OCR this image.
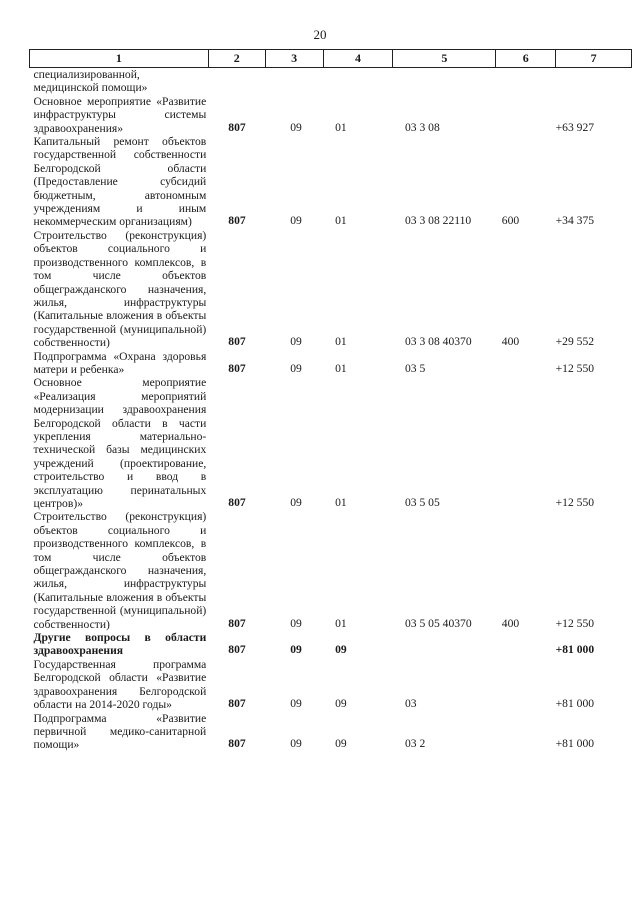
20
1	2	3	4	5	6	7
специализированной, медицинской помощи»						
Основное мероприятие «Развитие инфраструктуры системы здравоохранения»	807	09	01	03 3 08		+63 927
Капитальный ремонт объектов государственной собственности Белгородской области (Предоставление субсидий бюджетным, автономным учреждениям и иным некоммерческим организациям)	807	09	01	03 3 08 22110	600	+34 375
Строительство (реконструкция) объектов социального и производственного комплексов, в том числе объектов общегражданского назначения, жилья, инфраструктуры (Капитальные вложения в объекты государственной (муниципальной) собственности)	807	09	01	03 3 08 40370	400	+29 552
Подпрограмма «Охрана здоровья матери и ребенка»	807	09	01	03 5		+12 550
Основное мероприятие «Реализация мероприятий модернизации здравоохранения Белгородской области в части укрепления материально-технической базы медицинских учреждений (проектирование, строительство и ввод в эксплуатацию перинатальных центров)»	807	09	01	03 5 05		+12 550
Строительство (реконструкция) объектов социального и производственного комплексов, в том числе объектов общегражданского назначения, жилья, инфраструктуры (Капитальные вложения в объекты государственной (муниципальной) собственности)	807	09	01	03 5 05 40370	400	+12 550
Другие вопросы в области здравоохранения	807	09	09			+81 000
Государственная программа Белгородской области «Развитие здравоохранения Белгородской области на 2014-2020 годы»	807	09	09	03		+81 000
Подпрограмма «Развитие первичной медико-санитарной помощи»	807	09	09	03 2		+81 000
